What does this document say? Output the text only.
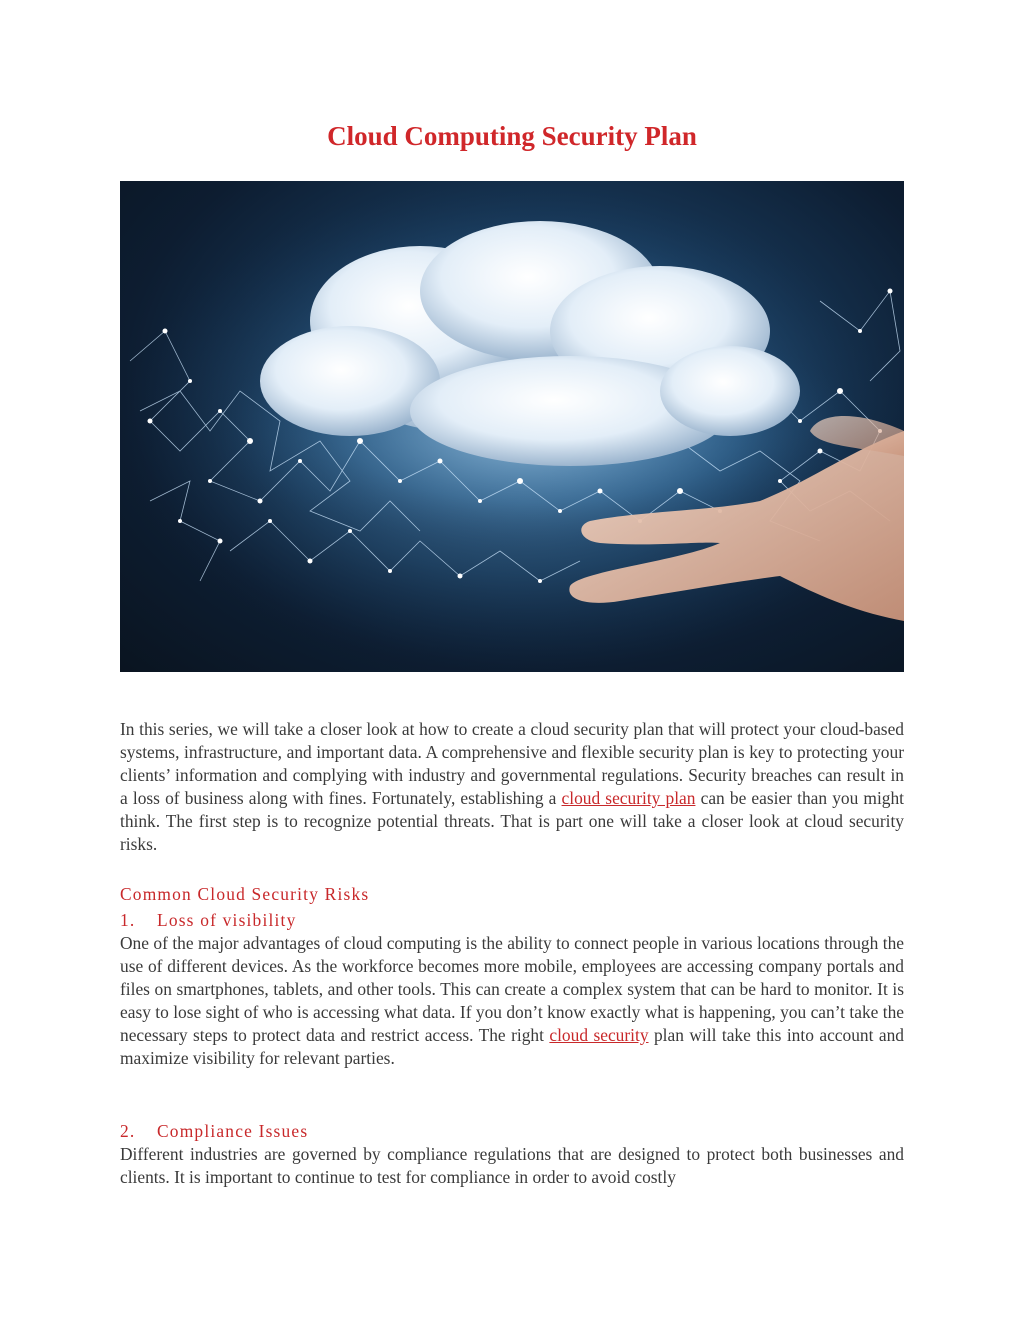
Cloud Computing Security Plan

In this series, we will take a closer look at how to create a cloud security plan that will protect your cloud-based systems, infrastructure, and important data. A comprehensive and flexible security plan is key to protecting your clients’ information and complying with industry and governmental regulations. Security breaches can result in a loss of business along with fines. Fortunately, establishing a cloud security plan can be easier than you might think. The first step is to recognize potential threats. That is part one will take a closer look at cloud security risks.

Common Cloud Security Risks
1. Loss of visibility

One of the major advantages of cloud computing is the ability to connect people in various locations through the use of different devices. As the workforce becomes more mobile, employees are accessing company portals and files on smartphones, tablets, and other tools. This can create a complex system that can be hard to monitor. It is easy to lose sight of who is accessing what data. If you don’t know exactly what is happening, you can’t take the necessary steps to protect data and restrict access. The right cloud security plan will take this into account and maximize visibility for relevant parties.

2. Compliance Issues

Different industries are governed by compliance regulations that are designed to protect both businesses and clients. It is important to continue to test for compliance in order to avoid costly
